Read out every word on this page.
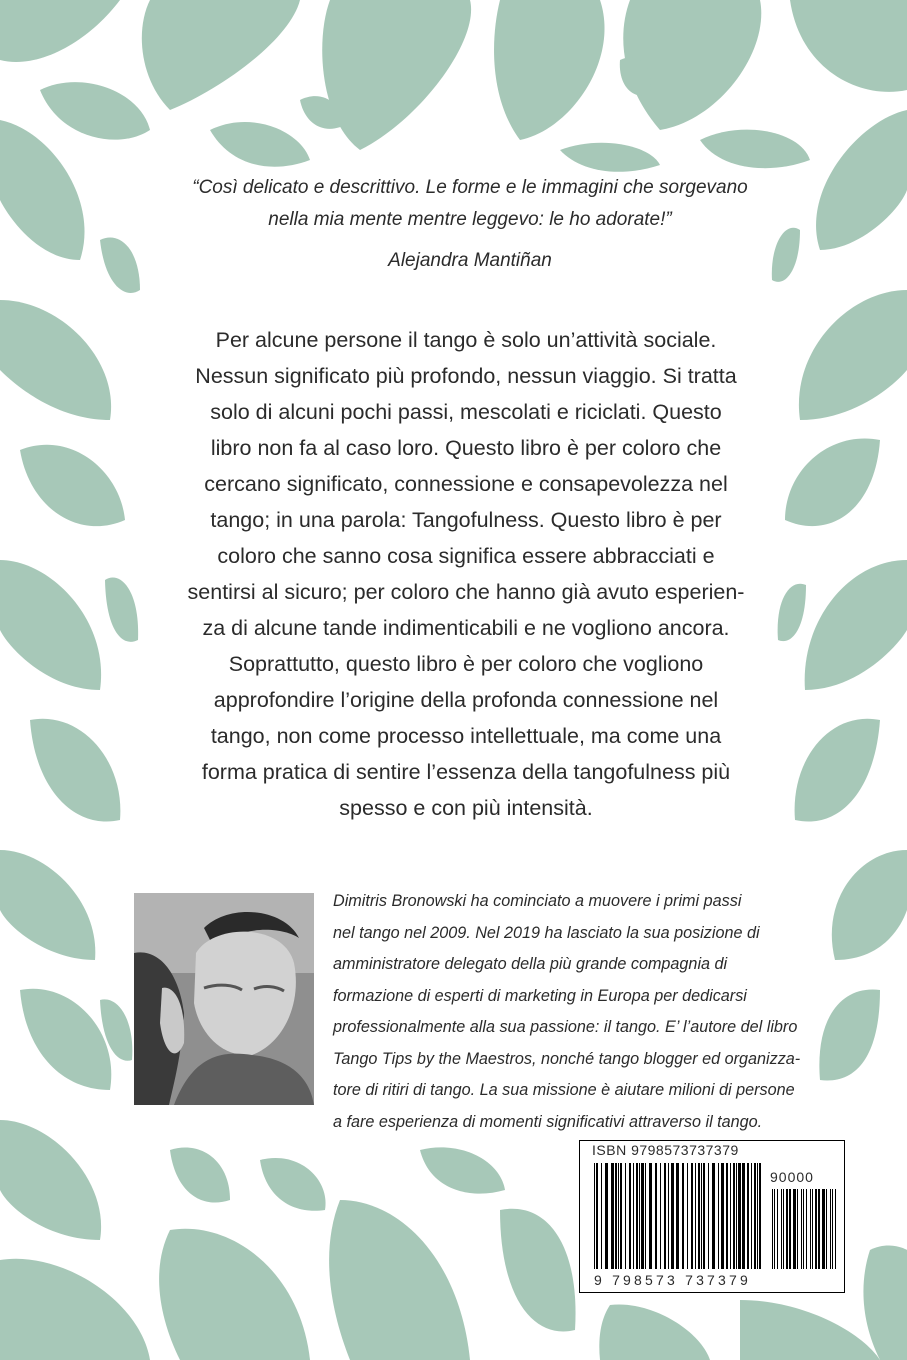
“Così delicato e descrittivo. Le forme e le immagini che sorgevano
nella mia mente mentre leggevo: le ho adorate!”
Alejandra Mantiñan
Per alcune persone il tango è solo un’attività sociale.
Nessun significato più profondo, nessun viaggio. Si tratta
solo di alcuni pochi passi, mescolati e riciclati. Questo
libro non fa al caso loro. Questo libro è per coloro che
cercano significato, connessione e consapevolezza nel
tango; in una parola: Tangofulness. Questo libro è per
coloro che sanno cosa significa essere abbracciati e
sentirsi al sicuro; per coloro che hanno già avuto esperien-
za di alcune tande indimenticabili e ne vogliono ancora.
Soprattutto, questo libro è per coloro che vogliono
approfondire l’origine della profonda connessione nel
tango, non come processo intellettuale, ma come una
forma pratica di sentire l’essenza della tangofulness più
spesso e con più intensità.
Dimitris Bronowski ha cominciato a muovere i primi passi
nel tango nel 2009. Nel 2019 ha lasciato la sua posizione di
amministratore delegato della più grande compagnia di
formazione di esperti di marketing in Europa per dedicarsi
professionalmente alla sua passione: il tango. E’ l’autore del libro
Tango Tips by the Maestros, nonché tango blogger ed organizza-
tore di ritiri di tango. La sua missione è aiutare milioni di persone
a fare esperienza di momenti significativi attraverso il tango.
ISBN 9798573737379
90000
9 798573 737379
